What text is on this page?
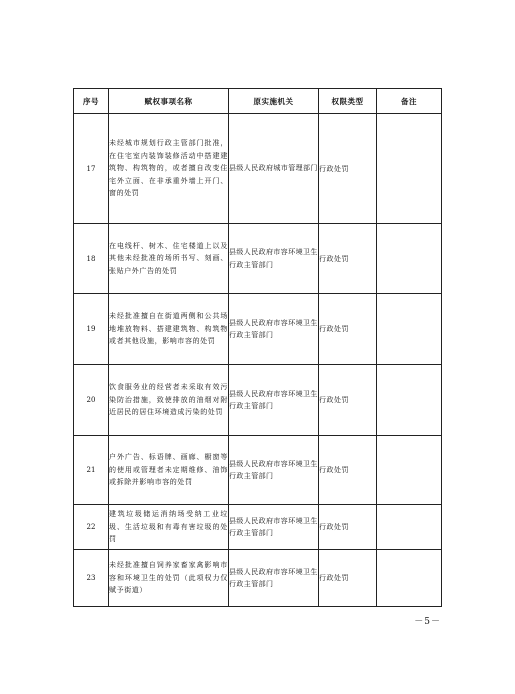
序号	赋权事项名称	原实施机关	权限类型	备注
17	未经城市规划行政主管部门批准，在住宅室内装饰装修活动中搭建建筑物、构筑物的，或者擅自改变住宅外立面、在非承重外墙上开门、窗的处罚	县级人民政府城市管理部门	行政处罚	
18	在电线杆、树木、住宅楼道上以及其他未经批准的场所书写、刻画、张贴户外广告的处罚	县级人民政府市容环境卫生行政主管部门	行政处罚	
19	未经批准擅自在街道两侧和公共场地堆放物料、搭建建筑物、构筑物或者其他设施，影响市容的处罚	县级人民政府市容环境卫生行政主管部门	行政处罚	
20	饮食服务业的经营者未采取有效污染防治措施，致使排放的油烟对附近居民的居住环境造成污染的处罚	县级人民政府市容环境卫生行政主管部门	行政处罚	
21	户外广告、标语牌、画廊、橱窗等的使用或管理者未定期维修、油饰或拆除并影响市容的处罚	县级人民政府市容环境卫生行政主管部门	行政处罚	
22	建筑垃圾储运消纳场受纳工业垃圾、生活垃圾和有毒有害垃圾的处罚	县级人民政府市容环境卫生行政主管部门	行政处罚	
23	未经批准擅自饲养家畜家禽影响市容和环境卫生的处罚（此项权力仅赋予街道）	县级人民政府市容环境卫生行政主管部门	行政处罚	
－5－
